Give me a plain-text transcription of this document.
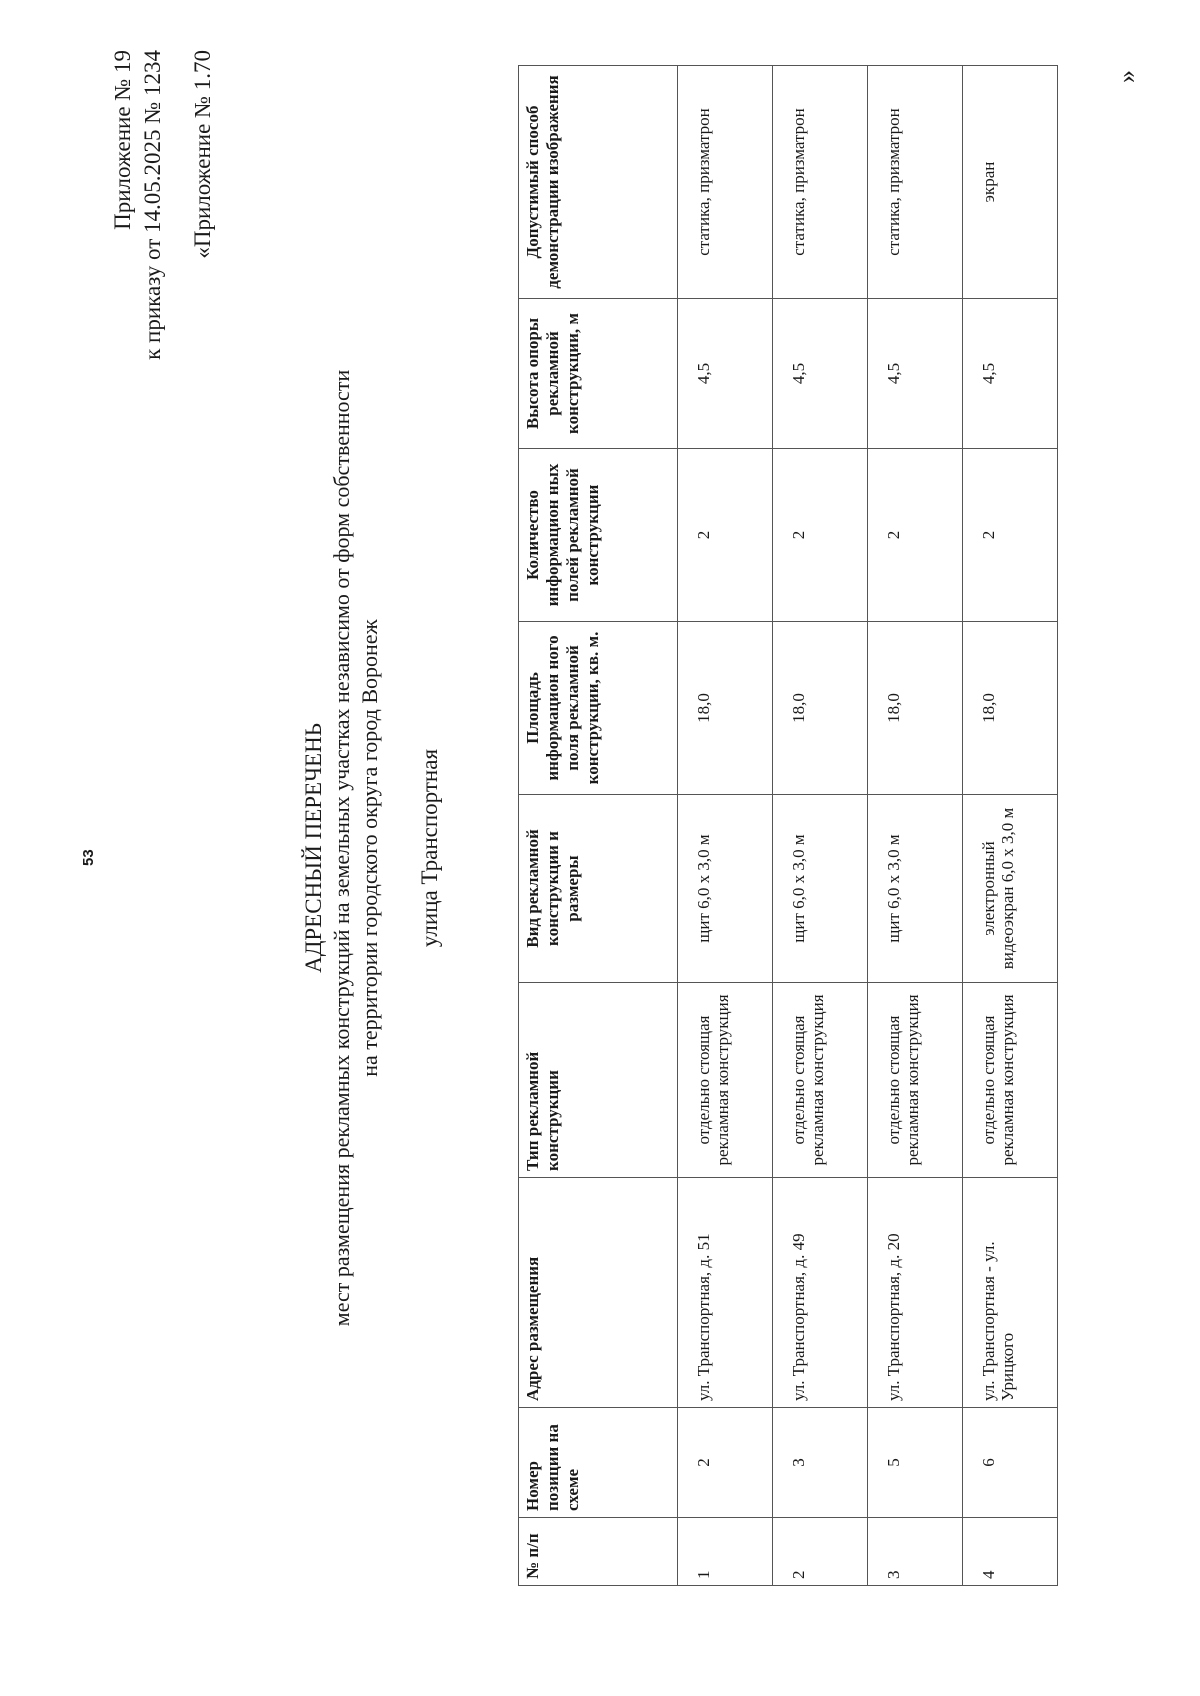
53
Приложение № 19 к приказу от 14.05.2025 № 1234 «Приложение № 1.70
АДРЕСНЫЙ ПЕРЕЧЕНЬ мест размещения рекламных конструкций на земельных участках независимо от форм собственности на территории городского округа город Воронеж улица Транспортная
№ п/п	Номер позиции на схеме	Адрес размещения	Тип рекламной конструкции	Вид рекламной конструкции и размеры	Площадь информацион ного поля рекламной конструкции, кв. м.	Количество информацион ных полей рекламной конструкции	Высота опоры рекламной конструкции, м	Допустимый способ демонстрации изображения
1	2	ул. Транспортная, д. 51	отдельно стоящая рекламная конструкция	щит 6,0 х 3,0 м	18,0	2	4,5	статика, призматрон
2	3	ул. Транспортная, д. 49	отдельно стоящая рекламная конструкция	щит 6,0 х 3,0 м	18,0	2	4,5	статика, призматрон
3	5	ул. Транспортная, д. 20	отдельно стоящая рекламная конструкция	щит 6,0 х 3,0 м	18,0	2	4,5	статика, призматрон
4	6	ул. Транспортная - ул. Урицкого	отдельно стоящая рекламная конструкция	электронный видеоэкран 6,0 х 3,0 м	18,0	2	4,5	экран
»
